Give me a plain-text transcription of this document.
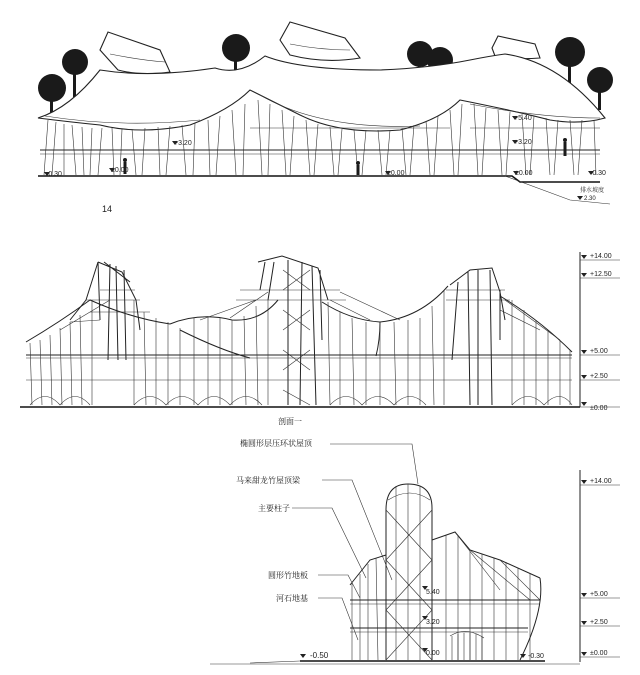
-0.30
±0.00	±0.00	±0.00	-0.30
+3.20	+3.20
+5.40
排水坡度
2.30
14
+14.00
+12.50
+5.00
+2.50
±0.00
剖面一
椭圆形层压环状屋顶
马来甜龙竹屋顶梁
主要柱子
圆形竹地板
河石地基
5.40
3.20
0.00
-0.50	-0.30
+14.00
+5.00
+2.50
±0.00
